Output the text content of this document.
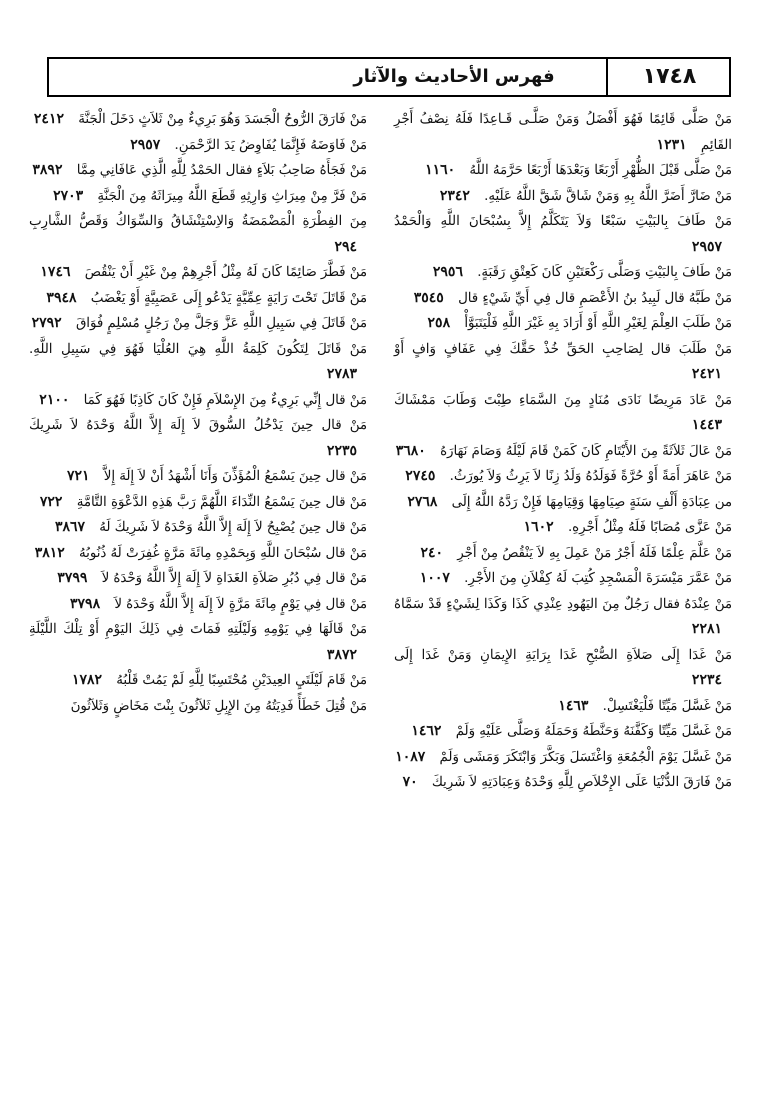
١٧٤٨
فهرس الأحاديث والآثار
مَنْ صَلَّى قَائِمًا فَهُوَ أَفْضَلُ وَمَنْ صَلَّـى قَـاعِدًا فَلَهُ نِصْفُ أَجْرِ القَائِمِ ١٢٣١
مَنْ صَلَّى قَبْلَ الظُّهْرِ أَرْبَعًا وَبَعْدَهَا أَرْبَعًا حَرَّمَهُ اللَّهُ ١١٦٠
مَنْ ضَارَّ أَضَرَّ اللَّهُ بِهِ وَمَنْ شَاقَّ شَقَّ اللَّهُ عَلَيْهِ. ٢٣٤٢
مَنْ طَافَ بِالبَيْتِ سَبْعًا وَلاَ يَتَكَلَّمُ إِلاَّ بِسُبْحَانَ اللَّهِ وَالْحَمْدُ ٢٩٥٧
مَنْ طَافَ بِالبَيْتِ وَصَلَّى رَكْعَتَيْنِ كَانَ كَعِتْقِ رَقَبَةٍ. ٢٩٥٦
مَنْ طَبَّهُ قال لَبِيدُ بنُ الأَعْصَمِ قال فِي أَيِّ شَيْءٍ قال ٣٥٤٥
مَنْ طَلَبَ العِلْمَ لِغَيْرِ اللَّهِ أَوْ أَرَادَ بِهِ غَيْرَ اللَّهِ فَلْيَتَبَوَّأْ ٢٥٨
مَنْ طَلَبَ قال لِصَاحِبِ الحَقِّ خُذْ حَقَّكَ فِي عَفَافٍ وَافٍ أَوْ ٢٤٢١
مَنْ عَادَ مَرِيضًا نَادَى مُنَادٍ مِنَ السَّمَاءِ طِبْتَ وَطَابَ مَمْشَاكَ ١٤٤٣
مَنْ عَالَ ثَلاَثَةً مِنَ الأَيْتَامِ كَانَ كَمَنْ قَامَ لَيْلَهُ وَصَامَ نَهَارَهُ ٣٦٨٠
مَنْ عَاهَرَ أَمَةً أَوْ حُرَّةً فَوَلَدُهُ وَلَدُ زِنًا لاَ يَرِثُ وَلاَ يُورَثُ. ٢٧٤٥
من عِبَادَةِ أَلْفِ سَنَةٍ صِيَامِهَا وَقِيَامِهَا فَإِنْ رَدَّهُ اللَّهُ إِلَى ٢٧٦٨
مَنْ عَزَّى مُصَابًا فَلَهُ مِثْلُ أَجْرِهِ. ١٦٠٢
مَنْ عَلَّمَ عِلْمًا فَلَهُ أَجْرُ مَنْ عَمِلَ بِهِ لاَ يَنْقُصُ مِنْ أَجْرِ ٢٤٠
مَنْ عَمَّرَ مَيْسَرَةَ الْمَسْجِدِ كُتِبَ لَهُ كِفْلاَنِ مِنَ الأَجْرِ. ١٠٠٧
مَنْ عِنْدَهُ فقال رَجُلٌ مِنَ اليَهُودِ عِنْدِي كَذَا وَكَذَا لِشَيْءٍ قَدْ سَمَّاهُ ٢٢٨١
مَنْ غَدَا إِلَى صَلاَةِ الصُّبْحِ غَدَا بِرَايَةِ الإِيمَانِ وَمَنْ غَدَا إِلَى ٢٢٣٤
مَنْ غَسَّلَ مَيِّتًا فَلْيَغْتَسِلْ. ١٤٦٣
مَنْ غَسَّلَ مَيِّتًا وَكَفَّنَهُ وَحَنَّطَهُ وَحَمَلَهُ وَصَلَّى عَلَيْهِ وَلَمْ ١٤٦٢
مَنْ غَسَّلَ يَوْمَ الْجُمُعَةِ وَاغْتَسَلَ وَبَكَّرَ وَابْتَكَرَ وَمَشَى وَلَمْ ١٠٨٧
مَنْ فَارَقَ الدُّنْيَا عَلَى الإِخْلاَصِ لِلَّهِ وَحْدَهُ وَعِبَادَتِهِ لاَ شَرِيكَ ٧٠
مَنْ فَارَقَ الرُّوحُ الْجَسَدَ وَهُوَ بَرِيءٌ مِنْ ثَلاَثٍ دَخَلَ الْجَنَّةَ ٢٤١٢
مَنْ فَاوَضَهُ فَإِنَّمَا يُفَاوِضُ يَدَ الرَّحْمَنِ. ٢٩٥٧
مَنْ فَجَأَهُ صَاحِبُ بَلاَءٍ فقال الحَمْدُ لِلَّهِ الَّذِي عَافَانِي مِمَّا ٣٨٩٢
مَنْ فَرَّ مِنْ مِيرَاثِ وَارِثِهِ قَطَعَ اللَّهُ مِيرَاثَهُ مِنَ الْجَنَّةِ ٢٧٠٣
مِنَ الفِطْرَةِ الْمَضْمَضَةُ وَالاِسْتِنْشَاقُ وَالسِّوَاكُ وَقَصُّ الشَّارِبِ ٢٩٤
مَنْ فَطَّرَ صَائِمًا كَانَ لَهُ مِثْلُ أَجْرِهِمْ مِنْ غَيْرِ أَنْ يَنْقُصَ ١٧٤٦
مَنْ قَاتَلَ تَحْتَ رَايَةٍ عِمِّيَّةٍ يَدْعُو إِلَى عَصَبِيَّةٍ أَوْ يَغْضَبُ ٣٩٤٨
مَنْ قَاتَلَ فِي سَبِيلِ اللَّهِ عَزَّ وَجَلَّ مِنْ رَجُلٍ مُسْلِمٍ فُوَاقَ ٢٧٩٢
مَنْ قَاتَلَ لِتَكُونَ كَلِمَةُ اللَّهِ هِيَ العُلْيَا فَهُوَ فِي سَبِيلِ اللَّهِ. ٢٧٨٣
مَنْ قال إِنِّي بَرِيءٌ مِنَ الإِسْلاَمِ فَإِنْ كَانَ كَاذِبًا فَهُوَ كَمَا ٢١٠٠
مَنْ قال حِينَ يَدْخُلُ السُّوقَ لاَ إِلَهَ إِلاَّ اللَّهُ وَحْدَهُ لاَ شَرِيكَ ٢٢٣٥
مَنْ قال حِينَ يَسْمَعُ الْمُؤَذِّنَ وَأَنَا أَشْهَدُ أَنْ لاَ إِلَهَ إِلاَّ ٧٢١
مَنْ قال حِينَ يَسْمَعُ النِّدَاءَ اللَّهُمَّ رَبَّ هَذِهِ الدَّعْوَةِ التَّامَّةِ ٧٢٢
مَنْ قال حِينَ يُصْبِحُ لاَ إِلَهَ إِلاَّ اللَّهُ وَحْدَهُ لاَ شَرِيكَ لَهُ ٣٨٦٧
مَنْ قال سُبْحَانَ اللَّهِ وَبِحَمْدِهِ مِائَةَ مَرَّةٍ غُفِرَتْ لَهُ ذُنُوبُهُ ٣٨١٢
مَنْ قال فِي دُبُرِ صَلاَةِ الغَدَاةِ لاَ إِلَهَ إِلاَّ اللَّهُ وَحْدَهُ لاَ ٣٧٩٩
مَنْ قال فِي يَوْمٍ مِائَةَ مَرَّةٍ لاَ إِلَهَ إِلاَّ اللَّهُ وَحْدَهُ لاَ ٣٧٩٨
مَنْ قَالَهَا فِي يَوْمِهِ وَلَيْلَتِهِ فَمَاتَ فِي ذَلِكَ اليَوْمِ أَوْ تِلْكَ اللَّيْلَةِ ٣٨٧٢
مَنْ قَامَ لَيْلَتَيِ العِيدَيْنِ مُحْتَسِبًا لِلَّهِ لَمْ يَمُتْ قَلْبُهُ ١٧٨٢
مَنْ قُتِلَ خَطَأً فَدِيَتُهُ مِنَ الإِبِلِ ثَلاَثُونَ بِنْتَ مَخَاضٍ وَثَلاَثُونَ
